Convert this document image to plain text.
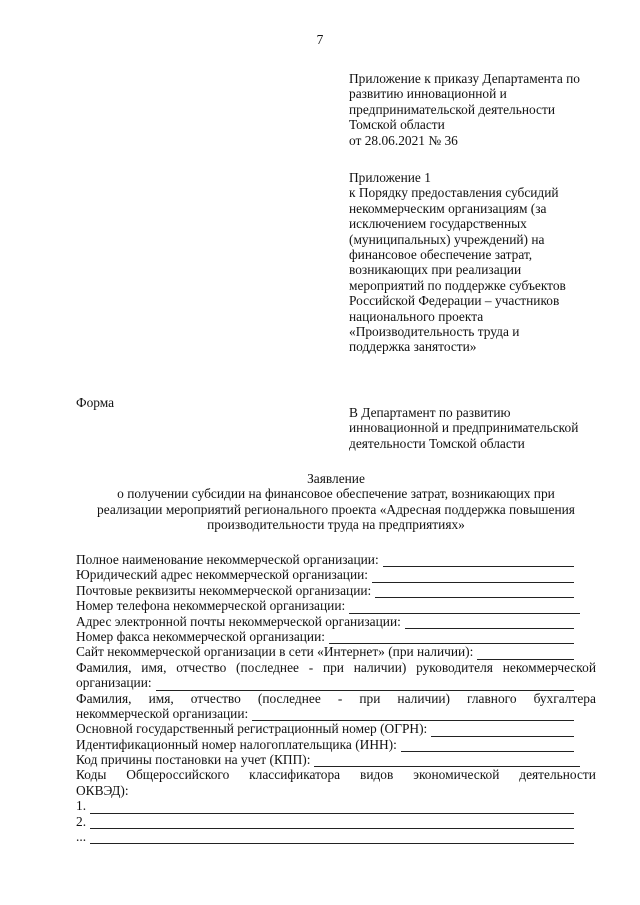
7
Приложение к приказу Департамента по
развитию инновационной и
предпринимательской деятельности
Томской области
от 28.06.2021 № 36
Приложение 1
к Порядку предоставления субсидий
некоммерческим организациям (за
исключением государственных
(муниципальных) учреждений) на
финансовое обеспечение затрат,
возникающих при реализации
мероприятий по поддержке субъектов
Российской Федерации – участников
национального проекта
«Производительность труда и
поддержка занятости»
Форма
В Департамент по развитию
инновационной и предпринимательской
деятельности Томской области
Заявление
о получении субсидии на финансовое обеспечение затрат, возникающих при
реализации мероприятий регионального проекта «Адресная поддержка повышения
производительности труда на предприятиях»
Полное наименование некоммерческой организации:
Юридический адрес некоммерческой организации:
Почтовые реквизиты некоммерческой организации:
Номер телефона некоммерческой организации:
Адрес электронной почты некоммерческой организации:
Номер факса некоммерческой организации:
Сайт некоммерческой организации в сети «Интернет» (при наличии):
Фамилия, имя, отчество (последнее - при наличии) руководителя некоммерческой
организации:
Фамилия, имя, отчество (последнее - при наличии) главного бухгалтера
некоммерческой организации:
Основной государственный регистрационный номер (ОГРН):
Идентификационный номер налогоплательщика (ИНН):
Код причины постановки на учет (КПП):
Коды Общероссийского классификатора видов экономической деятельности
ОКВЭД):
1.
2.
...
